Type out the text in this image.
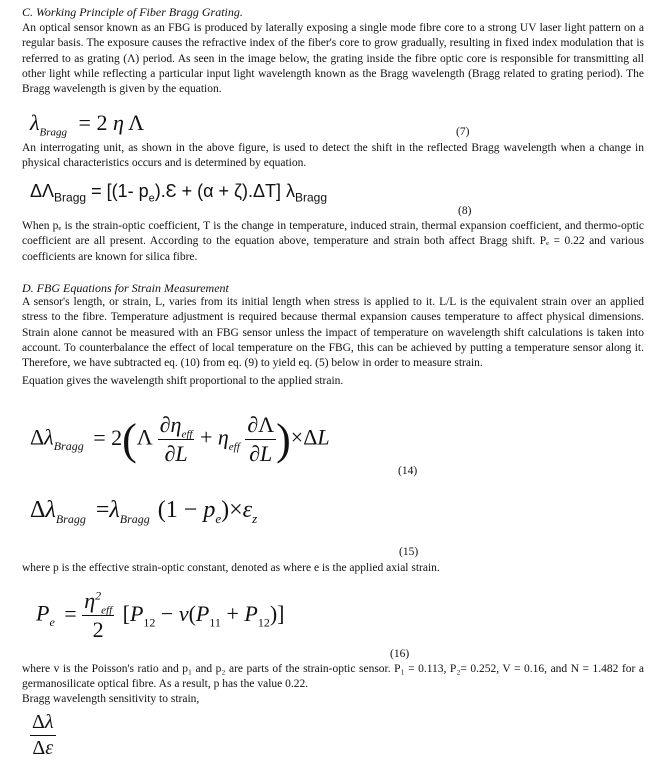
C. Working Principle of Fiber Bragg Grating.
An optical sensor known as an FBG is produced by laterally exposing a single mode fibre core to a strong UV laser light pattern on a regular basis. The exposure causes the refractive index of the fiber's core to grow gradually, resulting in fixed index modulation that is referred to as grating (Λ) period. As seen in the image below, the grating inside the fibre optic core is responsible for transmitting all other light while reflecting a particular input light wavelength known as the Bragg wavelength (Bragg related to grating period). The Bragg wavelength is given by the equation.
$\lambda_{Bragg} = 2$ η Λ	(7)
An interrogating unit, as shown in the above figure, is used to detect the shift in the reflected Bragg wavelength when a change in physical characteristics occurs and is determined by equation.
$\Delta\Lambda_{Bragg} = [(1-$ $p_e).Ɛ + (\alpha + \zeta).\Delta T$] $\lambda_{Bragg}$
(8)
When pₑ is the strain-optic coefficient, T is the change in temperature, induced strain, thermal expansion coefficient, and thermo-optic coefficient are all present. According to the equation above, temperature and strain both affect Bragg shift. Pₑ = 0.22 and various coefficients are known for silica fibre.
D. FBG Equations for Strain Measurement
A sensor's length, or strain, L, varies from its initial length when stress is applied to it. L/L is the equivalent strain over an applied stress to the fibre. Temperature adjustment is required because thermal expansion causes temperature to affect physical dimensions. Strain alone cannot be measured with an FBG sensor unless the impact of temperature on wavelength shift calculations is taken into account. To counterbalance the effect of local temperature on the FBG, this can be achieved by putting a temperature sensor along it. Therefore, we have subtracted eq. (10) from eq. (9) to yield eq. (5) below in order to measure strain.
Equation gives the wavelength shift proportional to the applied strain.
$\Delta\lambda_{Bragg} = 2(\Lambda \frac{\partial\eta_{eff}}{\partial L} + \eta_{eff} \frac{\partial\Lambda}{\partial L} )\times\Delta L$
(14)
$\Delta\lambda_{Bragg} =\lambda_{Bragg}$ $(1 - p_e)\times\varepsilon_z$
(15)
where p is the effective strain-optic constant, denoted as where e is the applied axial strain.
$P_e = \frac{\eta^2_{eff}}{2} [P_{12} - v(P_{11} + P_{12})]$
(16)
where v is the Poisson's ratio and p₁ and p₂ are parts of the strain-optic sensor. P₁ = 0.113, P₂= 0.252, V = 0.16, and N = 1.482 for a germanosilicate optical fibre. As a result, p has the value 0.22.
Bragg wavelength sensitivity to strain,
$\frac{\Delta\lambda}{\Delta\varepsilon}$
